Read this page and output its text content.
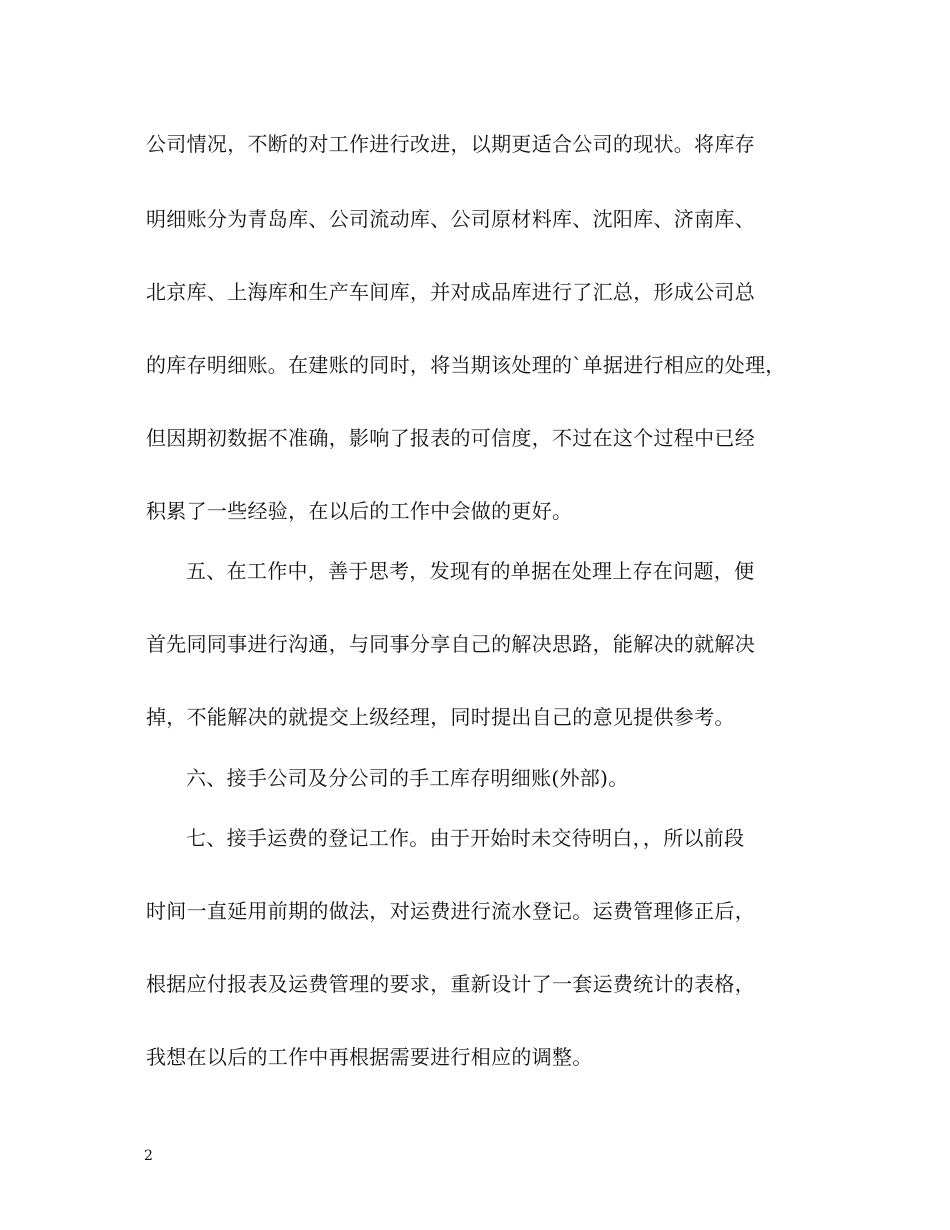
公司情况，不断的对工作进行改进，以期更适合公司的现状。将库存
明细账分为青岛库、公司流动库、公司原材料库、沈阳库、济南库、
北京库、上海库和生产车间库，并对成品库进行了汇总，形成公司总
的库存明细账。在建账的同时，将当期该处理的`单据进行相应的处理，
但因期初数据不准确，影响了报表的可信度，不过在这个过程中已经
积累了一些经验，在以后的工作中会做的更好。
五、在工作中，善于思考，发现有的单据在处理上存在问题，便
首先同同事进行沟通，与同事分享自己的解决思路，能解决的就解决
掉，不能解决的就提交上级经理，同时提出自己的意见提供参考。
六、接手公司及分公司的手工库存明细账(外部)。
七、接手运费的登记工作。由于开始时未交待明白，，所以前段
时间一直延用前期的做法，对运费进行流水登记。运费管理修正后，
根据应付报表及运费管理的要求，重新设计了一套运费统计的表格，
我想在以后的工作中再根据需要进行相应的调整。
2
